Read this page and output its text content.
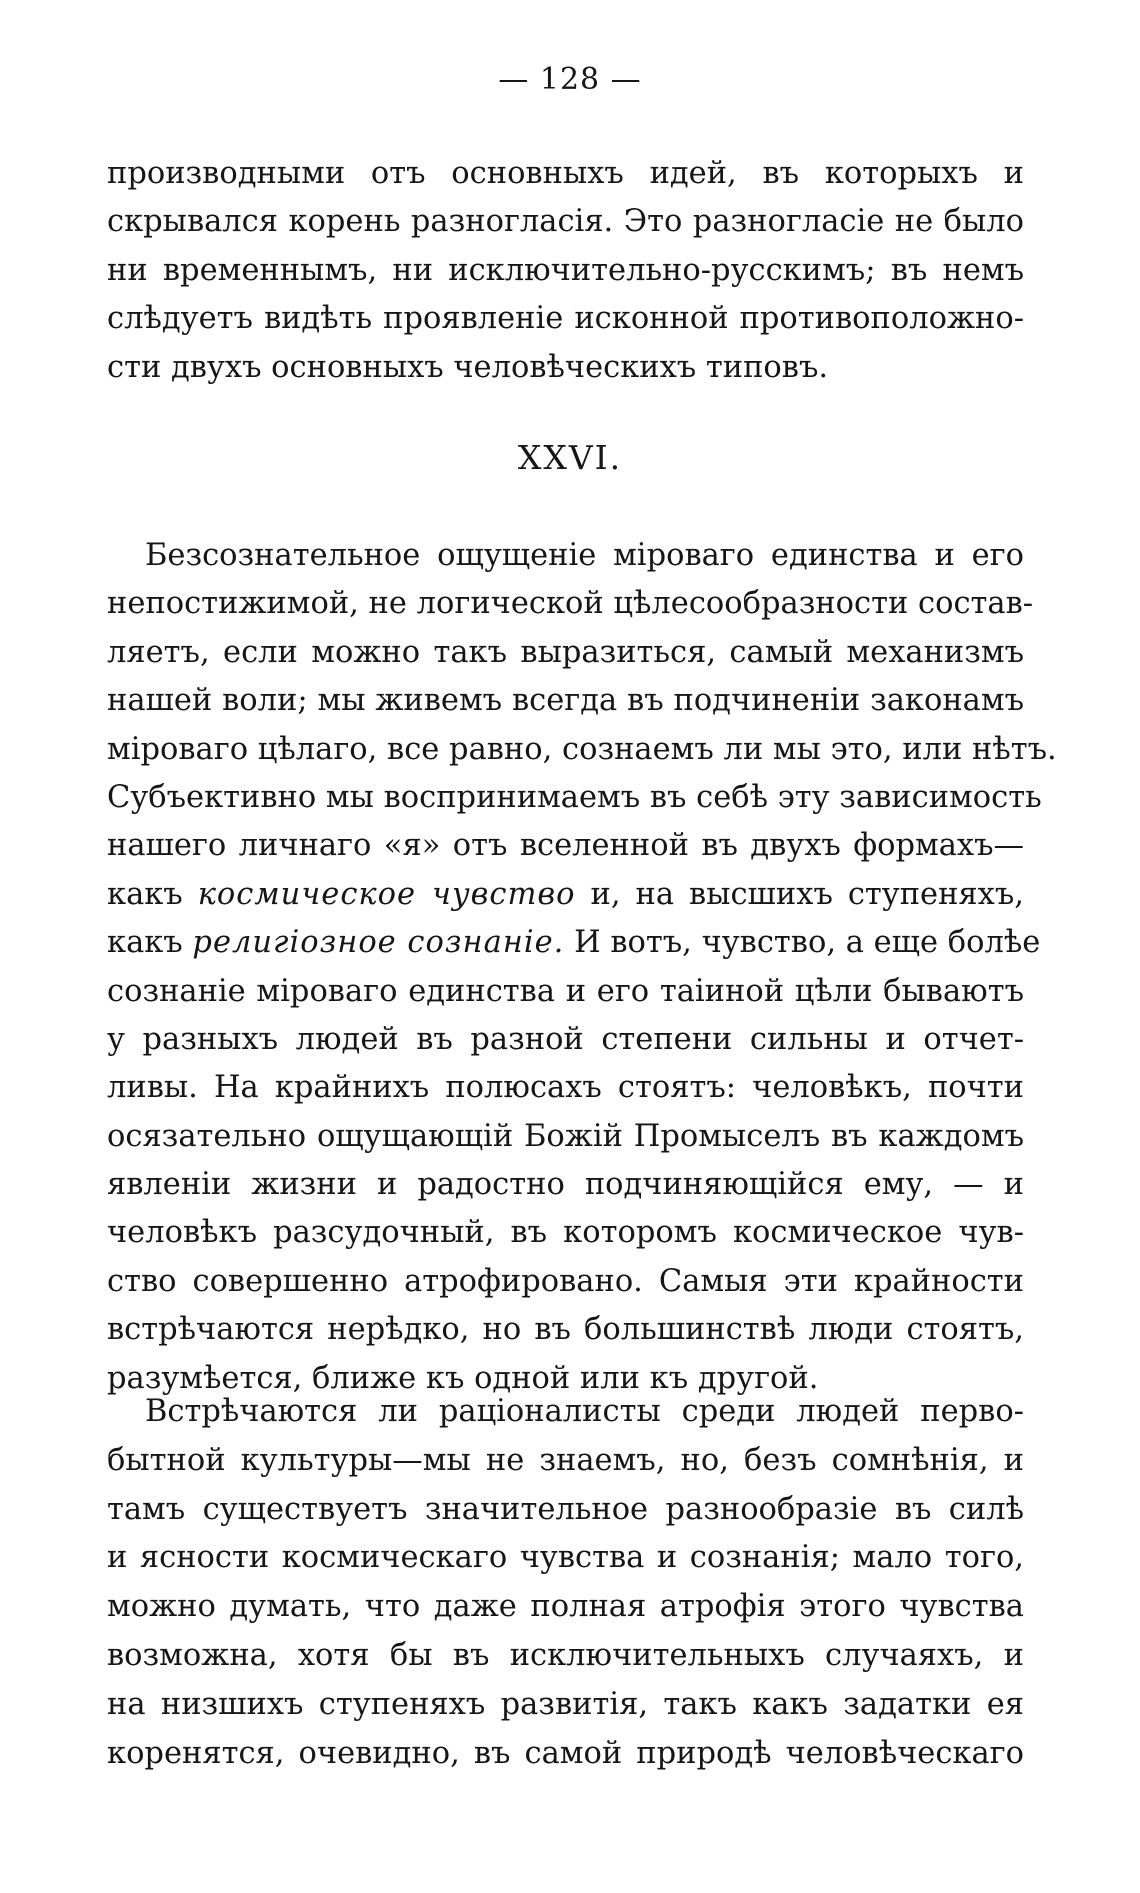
— 128 —
производными отъ основныхъ идей, въ которыхъ и
скрывался корень разногласія. Это разногласіе не было
ни временнымъ, ни исключительно-русскимъ; въ немъ
слѣдуетъ видѣть проявленіе исконной противоположно-
сти двухъ основныхъ человѣческихъ типовъ.
XXVI.
Безсознательное ощущеніе міроваго единства и его
непостижимой, не логической цѣлесообразности состав-
ляетъ, если можно такъ выразиться, самый механизмъ
нашей воли; мы живемъ всегда въ подчиненіи законамъ
міроваго цѣлаго, все равно, сознаемъ ли мы это, или нѣтъ.
Субъективно мы воспринимаемъ въ себѣ эту зависимость
нашего личнаго «я» отъ вселенной въ двухъ формахъ—
какъ космическое чувство и, на высшихъ ступеняхъ,
какъ религіозное сознаніе. И вотъ, чувство, а еще болѣе
сознаніе міроваго единства и его таіиной цѣли бываютъ
у разныхъ людей въ разной степени сильны и отчет-
ливы. На крайнихъ полюсахъ стоятъ: человѣкъ, почти
осязательно ощущающій Божій Промыселъ въ каждомъ
явленіи жизни и радостно подчиняющійся ему, — и
человѣкъ разсудочный, въ которомъ космическое чув-
ство совершенно атрофировано. Самыя эти крайности
встрѣчаются нерѣдко, но въ большинствѣ люди стоятъ,
разумѣется, ближе къ одной или къ другой.
Встрѣчаются ли раціоналисты среди людей перво-
бытной культуры—мы не знаемъ, но, безъ сомнѣнія, и
тамъ существуетъ значительное разнообразіе въ силѣ
и ясности космическаго чувства и сознанія; мало того,
можно думать, что даже полная атрофія этого чувства
возможна, хотя бы въ исключительныхъ случаяхъ, и
на низшихъ ступеняхъ развитія, такъ какъ задатки ея
коренятся, очевидно, въ самой природѣ человѣческаго
